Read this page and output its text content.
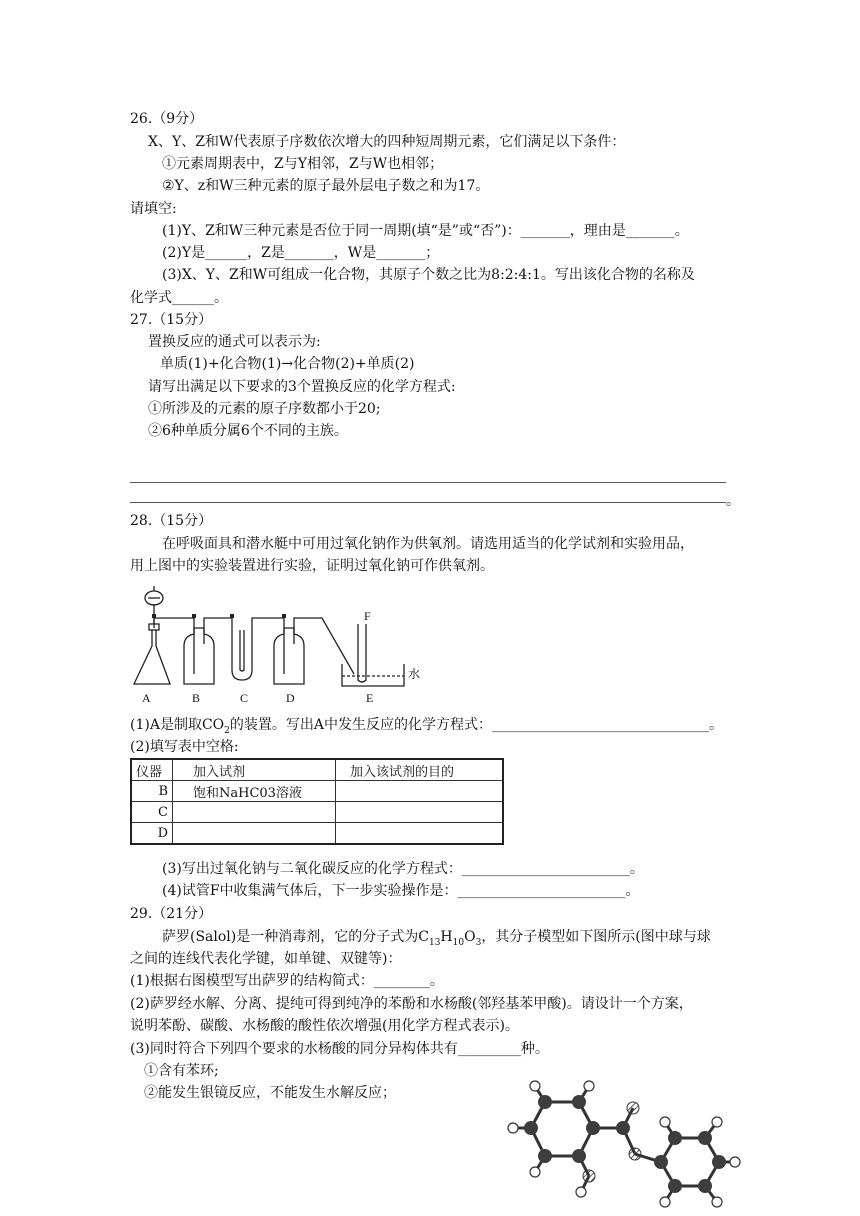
26.（9分）
X、Y、Z和W代表原子序数依次增大的四种短周期元素，它们满足以下条件：
①元素周期表中，Z与Y相邻，Z与W也相邻；
②Y、z和W三种元素的原子最外层电子数之和为17。
请填空:
(1)Y、Z和W三种元素是否位于同一周期(填“是”或“否”)：_______，理由是_______。
(2)Y是______，Z是_______，W是_______；
(3)X、Y、Z和W可组成一化合物，其原子个数之比为8:2:4:1。写出该化合物的名称及
化学式______。
27.（15分）
置换反应的通式可以表示为:
单质(1)+化合物(1)→化合物(2)+单质(2)
请写出满足以下要求的3个置换反应的化学方程式:
①所涉及的元素的原子序数都小于20;
②6种单质分属6个不同的主族。
。
28.（15分）
在呼吸面具和潜水艇中可用过氧化钠作为供氧剂。请选用适当的化学试剂和实验用品，
用上图中的实验装置进行实验，证明过氧化钠可作供氧剂。
A	B	C	D	E
F
水
(1)A是制取$CO_2$的装置。写出A中发生反应的化学方程式：_______________________________。
(2)填写表中空格:
仪器	加入试剂	加入该试剂的目的
B	饱和NaHC03溶液	
C		
D		
(3)写出过氧化钠与二氧化碳反应的化学方程式：________________________。
(4)试管F中收集满气体后，下一步实验操作是：________________________。
29.（21分）
萨罗(Salol)是一种消毒剂，它的分子式为$C_{13}H_{10}O_3$，其分子模型如下图所示(图中球与球
之间的连线代表化学键，如单键、双键等)：
(1)根据右图模型写出萨罗的结构简式：________。
(2)萨罗经水解、分离、提纯可得到纯净的苯酚和水杨酸(邻羟基苯甲酸)。请设计一个方案，
说明苯酚、碳酸、水杨酸的酸性依次增强(用化学方程式表示)。
(3)同时符合下列四个要求的水杨酸的同分异构体共有_________种。
①含有苯环;
②能发生银镜反应，不能发生水解反应；
